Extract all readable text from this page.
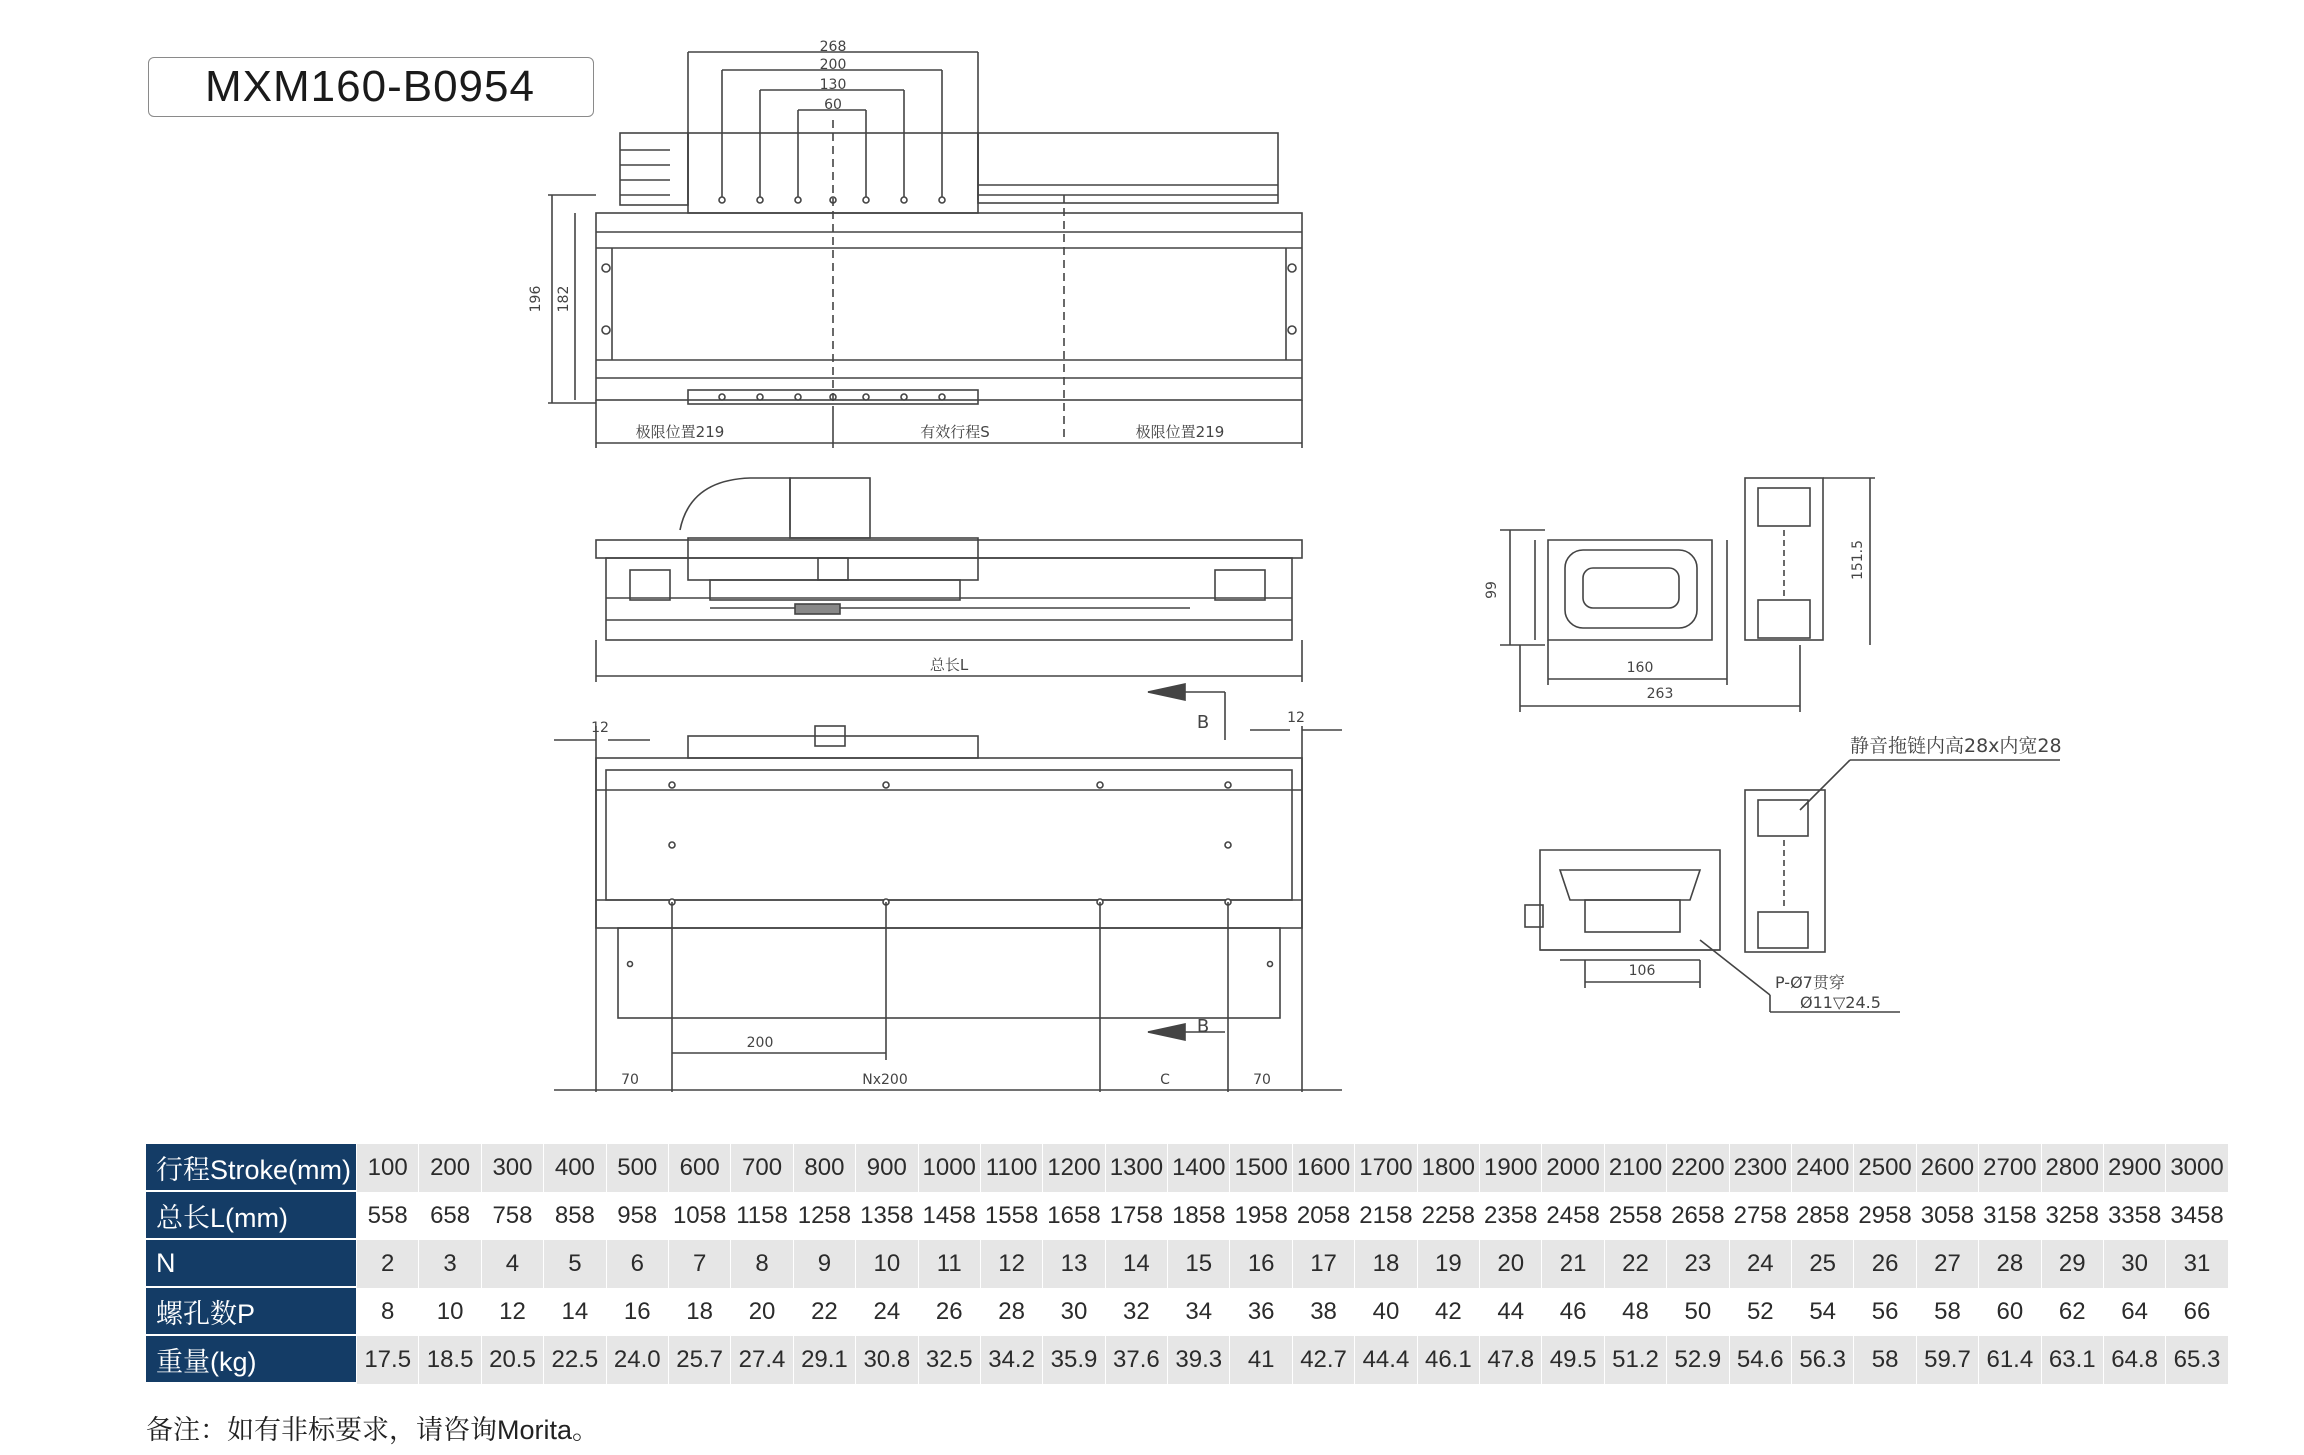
MXM160-B0954
268
200
130
60
196 182
极限位置219	有效行程S	极限位置219
总长L
12
12
B
B
200
70	Nx200	C	70
99
151.5
160
263
静音拖链内高28x内宽28
106
P-Ø7贯穿
Ø11▽24.5
行程Stroke(mm)	100	200	300	400	500	600	700	800	900	1000	1100	1200	1300	1400	1500	1600	1700	1800	1900	2000	2100	2200	2300	2400	2500	2600	2700	2800	2900	3000
总长L(mm)	558	658	758	858	958	1058	1158	1258	1358	1458	1558	1658	1758	1858	1958	2058	2158	2258	2358	2458	2558	2658	2758	2858	2958	3058	3158	3258	3358	3458
N	2	3	4	5	6	7	8	9	10	11	12	13	14	15	16	17	18	19	20	21	22	23	24	25	26	27	28	29	30	31
螺孔数P	8	10	12	14	16	18	20	22	24	26	28	30	32	34	36	38	40	42	44	46	48	50	52	54	56	58	60	62	64	66
重量(kg)	17.5	18.5	20.5	22.5	24.0	25.7	27.4	29.1	30.8	32.5	34.2	35.9	37.6	39.3	41	42.7	44.4	46.1	47.8	49.5	51.2	52.9	54.6	56.3	58	59.7	61.4	63.1	64.8	65.3
备注：如有非标要求，请咨询Morita。
